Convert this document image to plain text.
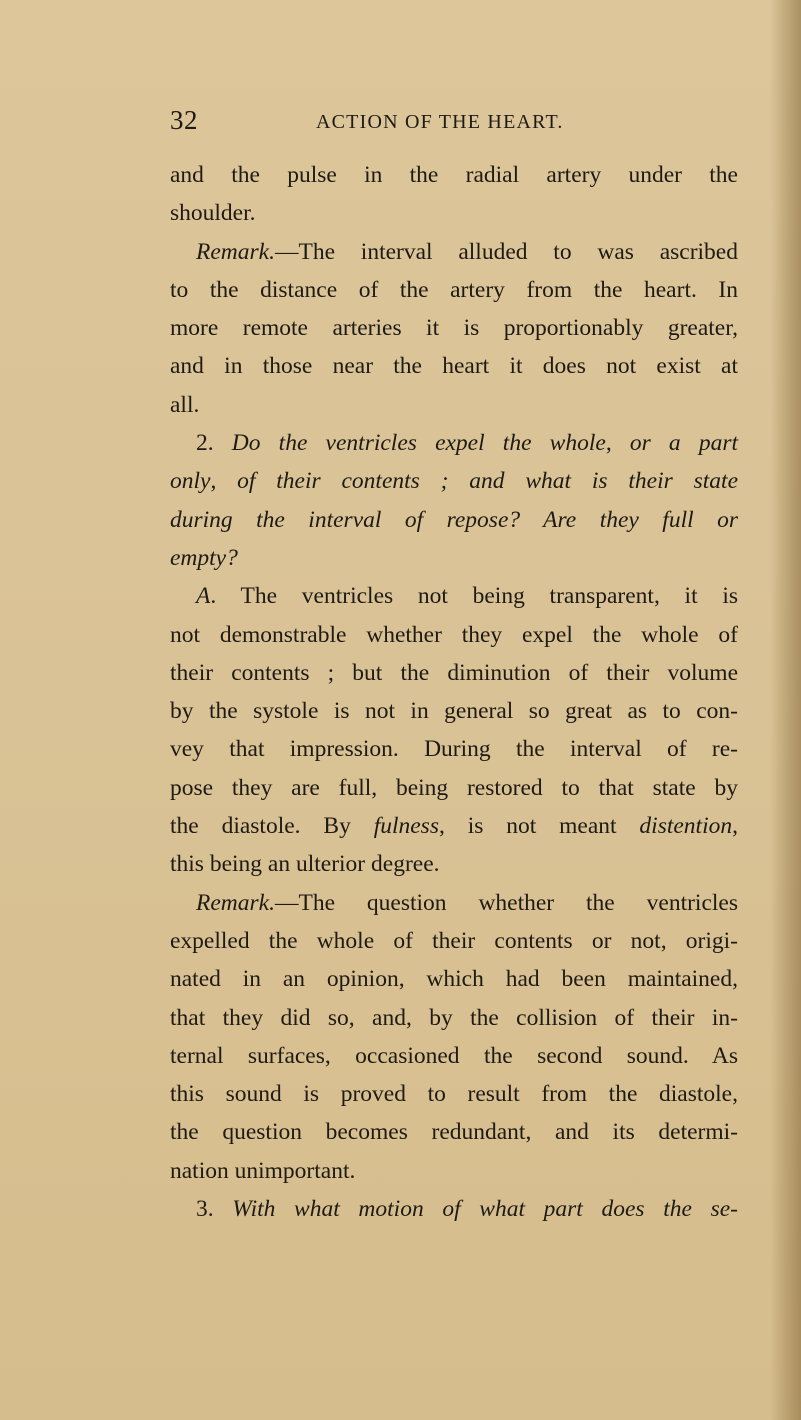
32	ACTION OF THE HEART.
and the pulse in the radial artery under the
shoulder.
Remark.—The interval alluded to was ascribed
to the distance of the artery from the heart. In
more remote arteries it is proportionably greater,
and in those near the heart it does not exist at
all.
2. Do the ventricles expel the whole, or a part
only, of their contents ; and what is their state
during the interval of repose? Are they full or
empty?
A. The ventricles not being transparent, it is
not demonstrable whether they expel the whole of
their contents ; but the diminution of their volume
by the systole is not in general so great as to con-
vey that impression. During the interval of re-
pose they are full, being restored to that state by
the diastole. By fulness, is not meant distention,
this being an ulterior degree.
Remark.—The question whether the ventricles
expelled the whole of their contents or not, origi-
nated in an opinion, which had been maintained,
that they did so, and, by the collision of their in-
ternal surfaces, occasioned the second sound. As
this sound is proved to result from the diastole,
the question becomes redundant, and its determi-
nation unimportant.
3. With what motion of what part does the se-
